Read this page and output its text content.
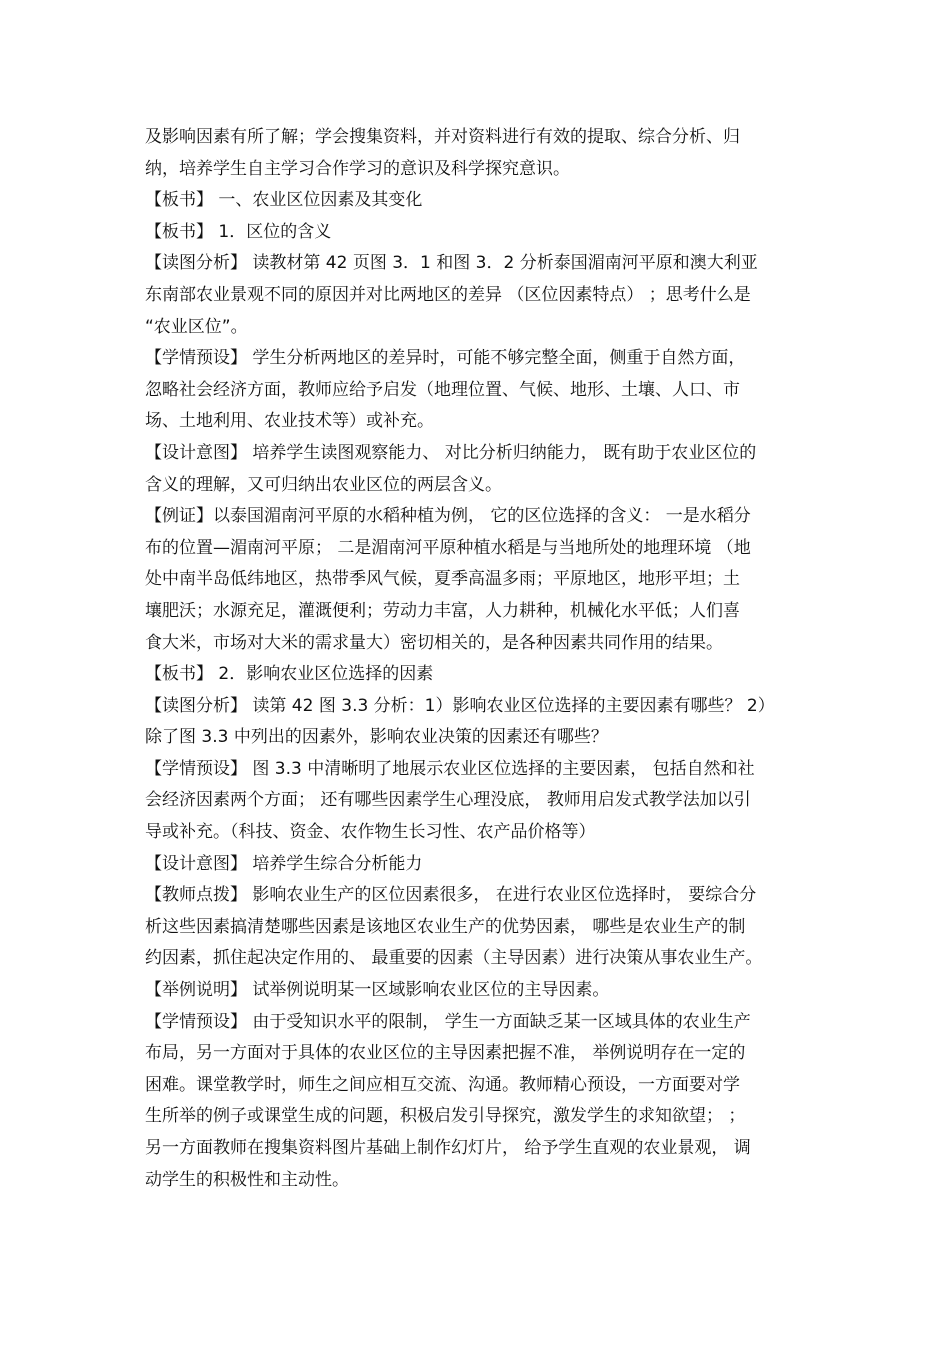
及影响因素有所了解；学会搜集资料，并对资料进行有效的提取、综合分析、归
纳，培养学生自主学习合作学习的意识及科学探究意识。
【板书】 一、农业区位因素及其变化
【板书】 1．区位的含义
【读图分析】 读教材第 42 页图 3．1 和图 3．2 分析泰国湄南河平原和澳大利亚
东南部农业景观不同的原因并对比两地区的差异 （区位因素特点） ；思考什么是
“农业区位”。
【学情预设】 学生分析两地区的差异时，可能不够完整全面，侧重于自然方面，
忽略社会经济方面，教师应给予启发（地理位置、气候、地形、土壤、人口、市
场、土地利用、农业技术等）或补充。
【设计意图】 培养学生读图观察能力、 对比分析归纳能力， 既有助于农业区位的
含义的理解，又可归纳出农业区位的两层含义。
【例证】以泰国湄南河平原的水稻种植为例， 它的区位选择的含义： 一是水稻分
布的位置—湄南河平原； 二是湄南河平原种植水稻是与当地所处的地理环境 （地
处中南半岛低纬地区，热带季风气候，夏季高温多雨；平原地区，地形平坦；土
壤肥沃；水源充足，灌溉便利；劳动力丰富，人力耕种，机械化水平低；人们喜
食大米，市场对大米的需求量大）密切相关的，是各种因素共同作用的结果。
【板书】 2．影响农业区位选择的因素
【读图分析】 读第 42 图 3.3 分析：1）影响农业区位选择的主要因素有哪些？ 2）
除了图 3.3 中列出的因素外，影响农业决策的因素还有哪些？
【学情预设】 图 3.3 中清晰明了地展示农业区位选择的主要因素， 包括自然和社
会经济因素两个方面； 还有哪些因素学生心理没底， 教师用启发式教学法加以引
导或补充。（科技、资金、农作物生长习性、农产品价格等）
【设计意图】 培养学生综合分析能力
【教师点拨】 影响农业生产的区位因素很多， 在进行农业区位选择时， 要综合分
析这些因素搞清楚哪些因素是该地区农业生产的优势因素， 哪些是农业生产的制
约因素，抓住起决定作用的、 最重要的因素（主导因素）进行决策从事农业生产。
【举例说明】 试举例说明某一区域影响农业区位的主导因素。
【学情预设】 由于受知识水平的限制， 学生一方面缺乏某一区域具体的农业生产
布局，另一方面对于具体的农业区位的主导因素把握不准， 举例说明存在一定的
困难。课堂教学时，师生之间应相互交流、沟通。教师精心预设，一方面要对学
生所举的例子或课堂生成的问题，积极启发引导探究，激发学生的求知欲望； ；
另一方面教师在搜集资料图片基础上制作幻灯片， 给予学生直观的农业景观， 调
动学生的积极性和主动性。
